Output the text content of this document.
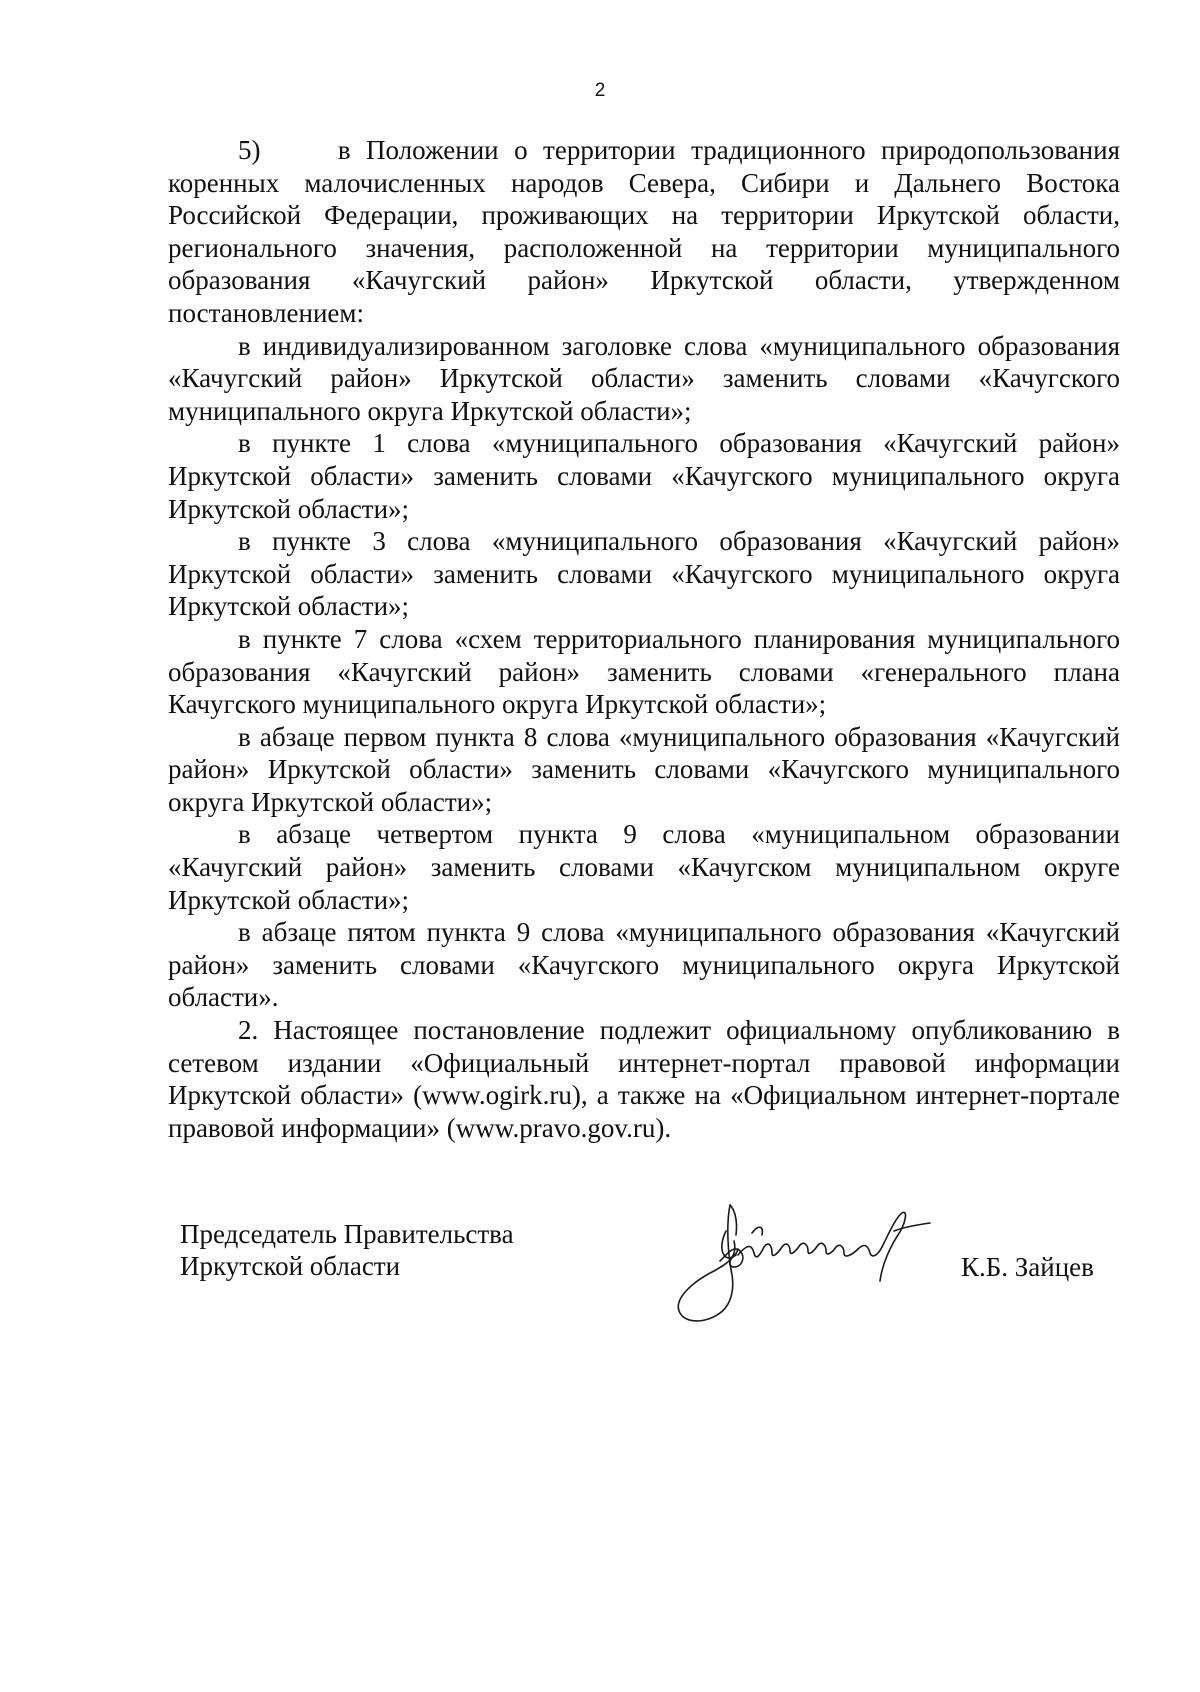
2

5)     в Положении о территории традиционного природопользования коренных малочисленных народов Севера, Сибири и Дальнего Востока Российской Федерации, проживающих на территории Иркутской области, регионального значения, расположенной на территории муниципального образования «Качугский район» Иркутской области, утвержденном постановлением:

в индивидуализированном заголовке слова «муниципального образования «Качугский район» Иркутской области» заменить словами «Качугского муниципального округа Иркутской области»;

в пункте 1 слова «муниципального образования «Качугский район» Иркутской области» заменить словами «Качугского муниципального округа Иркутской области»;

в пункте 3 слова «муниципального образования «Качугский район» Иркутской области» заменить словами «Качугского муниципального округа Иркутской области»;

в пункте 7 слова «схем территориального планирования муниципального образования «Качугский район» заменить словами «генерального плана Качугского муниципального округа Иркутской области»;

в абзаце первом пункта 8 слова «муниципального образования «Качугский район» Иркутской области» заменить словами «Качугского муниципального округа Иркутской области»;

в абзаце четвертом пункта 9 слова «муниципальном образовании «Качугский район» заменить словами «Качугском муниципальном округе Иркутской области»;

в абзаце пятом пункта 9 слова «муниципального образования «Качугский район» заменить словами «Качугского муниципального округа Иркутской области».

2. Настоящее постановление подлежит официальному опубликованию в сетевом издании «Официальный интернет-портал правовой информации Иркутской области» (www.ogirk.ru), а также на «Официальном интернет-портале правовой информации» (www.pravo.gov.ru).

Председатель Правительства
Иркутской области	К.Б. Зайцев
